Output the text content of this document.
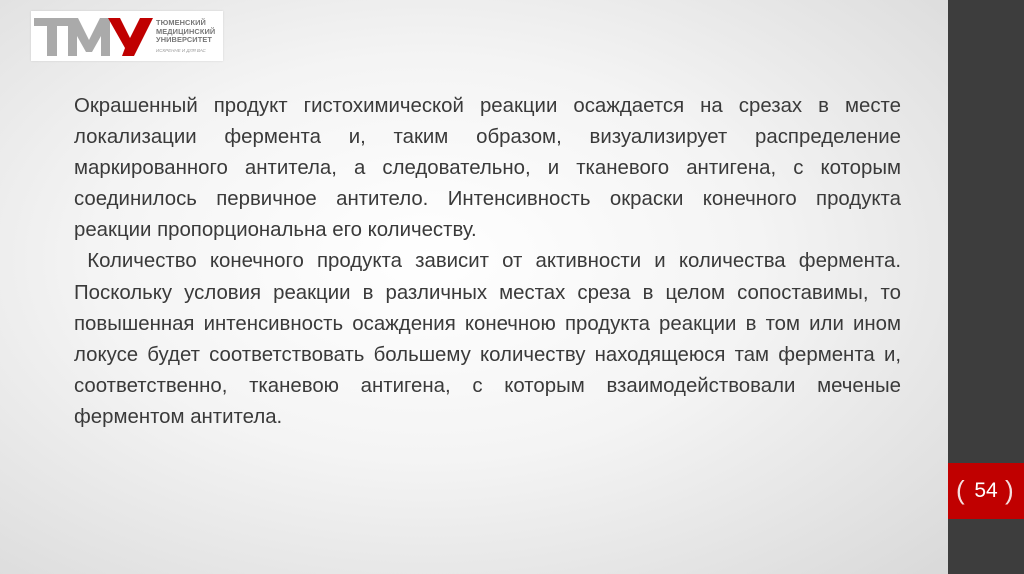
ТЮМЕНСКИЙ
МЕДИЦИНСКИЙ
УНИВЕРСИТЕТ
ИСКРЕННЕ И ДЛЯ ВАС

Окрашенный продукт гистохимической реакции осаждается на срезах в месте локализации фермента и, таким образом, визуализирует распределение маркированного антитела, а следовательно, и тканевого антигена, с которым соединилось первичное антитело. Интенсивность окраски конечного продукта реакции пропорциональна его количеству.

Количество конечного продукта зависит от активности и количества фермента. Поскольку условия реакции в различных местах среза в целом сопоставимы, то повышенная интенсивность осаждения конечною продукта реакции в том или ином локусе будет соответствовать большему количеству находящеюся там фермента и, соответственно, тканевою антигена, с которым взаимодействовали меченые ферментом антитела.

( 54 )
